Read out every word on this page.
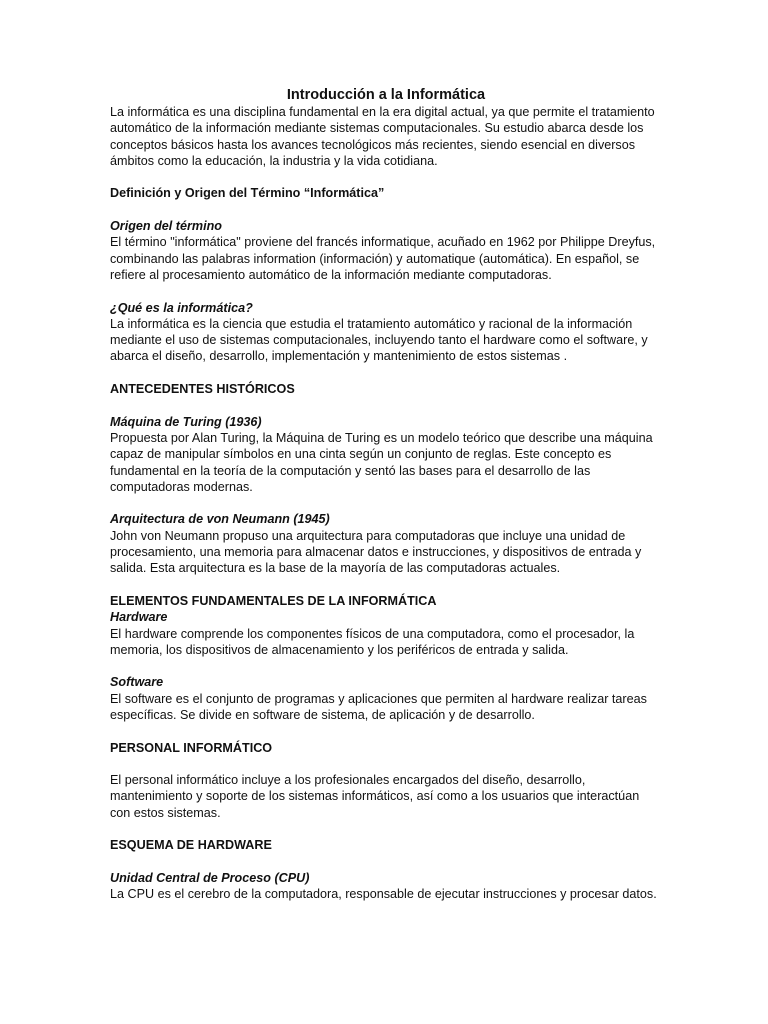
Introducción a la Informática

La informática es una disciplina fundamental en la era digital actual, ya que permite el tratamiento automático de la información mediante sistemas computacionales. Su estudio abarca desde los conceptos básicos hasta los avances tecnológicos más recientes, siendo esencial en diversos ámbitos como la educación, la industria y la vida cotidiana.

Definición y Origen del Término “Informática”

Origen del término

El término "informática" proviene del francés informatique, acuñado en 1962 por Philippe Dreyfus, combinando las palabras information (información) y automatique (automática). En español, se refiere al procesamiento automático de la información mediante computadoras.

¿Qué es la informática?

La informática es la ciencia que estudia el tratamiento automático y racional de la información mediante el uso de sistemas computacionales, incluyendo tanto el hardware como el software, y abarca el diseño, desarrollo, implementación y mantenimiento de estos sistemas .

ANTECEDENTES HISTÓRICOS

Máquina de Turing (1936)

Propuesta por Alan Turing, la Máquina de Turing es un modelo teórico que describe una máquina capaz de manipular símbolos en una cinta según un conjunto de reglas. Este concepto es fundamental en la teoría de la computación y sentó las bases para el desarrollo de las computadoras modernas.

Arquitectura de von Neumann (1945)

John von Neumann propuso una arquitectura para computadoras que incluye una unidad de procesamiento, una memoria para almacenar datos e instrucciones, y dispositivos de entrada y salida. Esta arquitectura es la base de la mayoría de las computadoras actuales.

ELEMENTOS FUNDAMENTALES DE LA INFORMÁTICA

Hardware

El hardware comprende los componentes físicos de una computadora, como el procesador, la memoria, los dispositivos de almacenamiento y los periféricos de entrada y salida.

Software

El software es el conjunto de programas y aplicaciones que permiten al hardware realizar tareas específicas. Se divide en software de sistema, de aplicación y de desarrollo.

PERSONAL INFORMÁTICO

El personal informático incluye a los profesionales encargados del diseño, desarrollo, mantenimiento y soporte de los sistemas informáticos, así como a los usuarios que interactúan con estos sistemas.

ESQUEMA DE HARDWARE

Unidad Central de Proceso (CPU)

La CPU es el cerebro de la computadora, responsable de ejecutar instrucciones y procesar datos.
